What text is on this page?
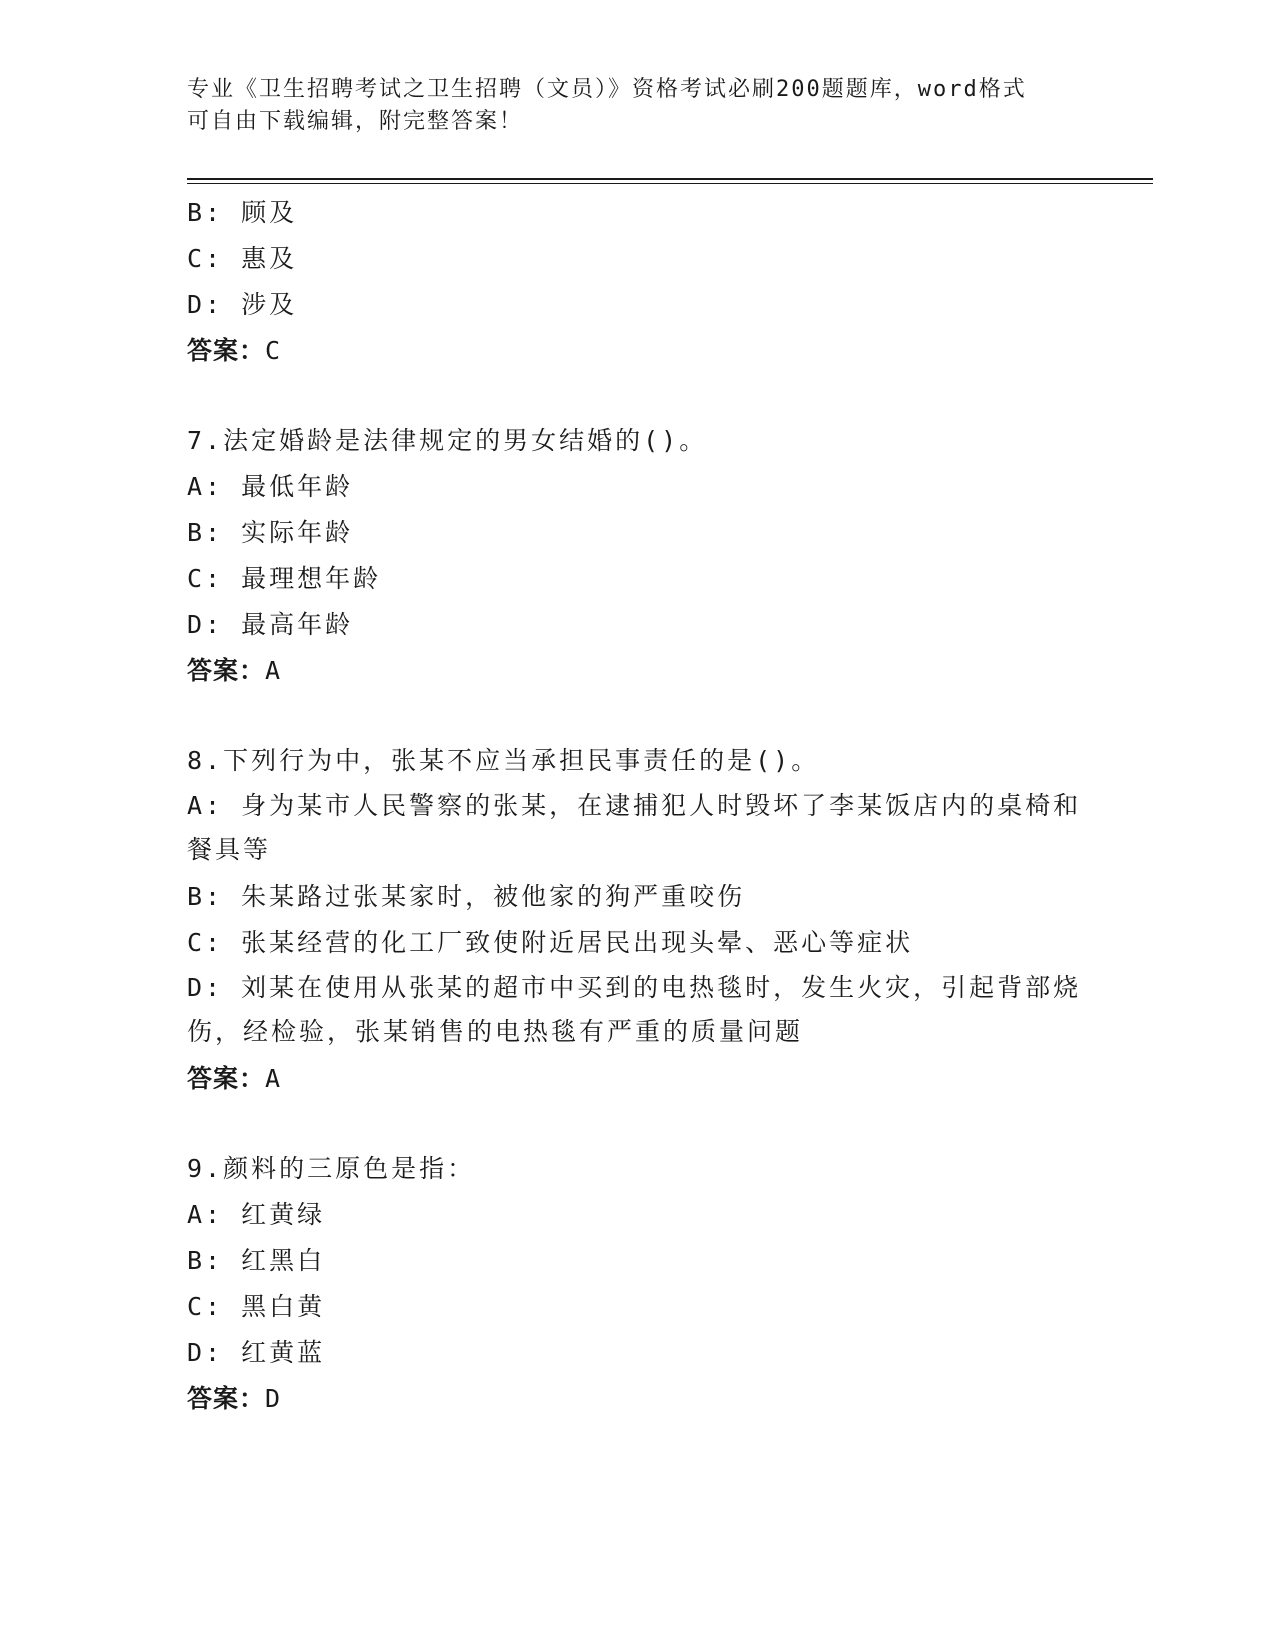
专业《卫生招聘考试之卫生招聘（文员）》资格考试必刷200题题库，word格式
可自由下载编辑，附完整答案！
B: 顾及
C: 惠及
D: 涉及
答案：C
7.法定婚龄是法律规定的男女结婚的()。
A: 最低年龄
B: 实际年龄
C: 最理想年龄
D: 最高年龄
答案：A
8.下列行为中，张某不应当承担民事责任的是()。
A: 身为某市人民警察的张某，在逮捕犯人时毁坏了李某饭店内的桌椅和餐具等
B: 朱某路过张某家时，被他家的狗严重咬伤
C: 张某经营的化工厂致使附近居民出现头晕、恶心等症状
D: 刘某在使用从张某的超市中买到的电热毯时，发生火灾，引起背部烧伤，经检验，张某销售的电热毯有严重的质量问题
答案：A
9.颜料的三原色是指：
A: 红黄绿
B: 红黑白
C: 黑白黄
D: 红黄蓝
答案：D
